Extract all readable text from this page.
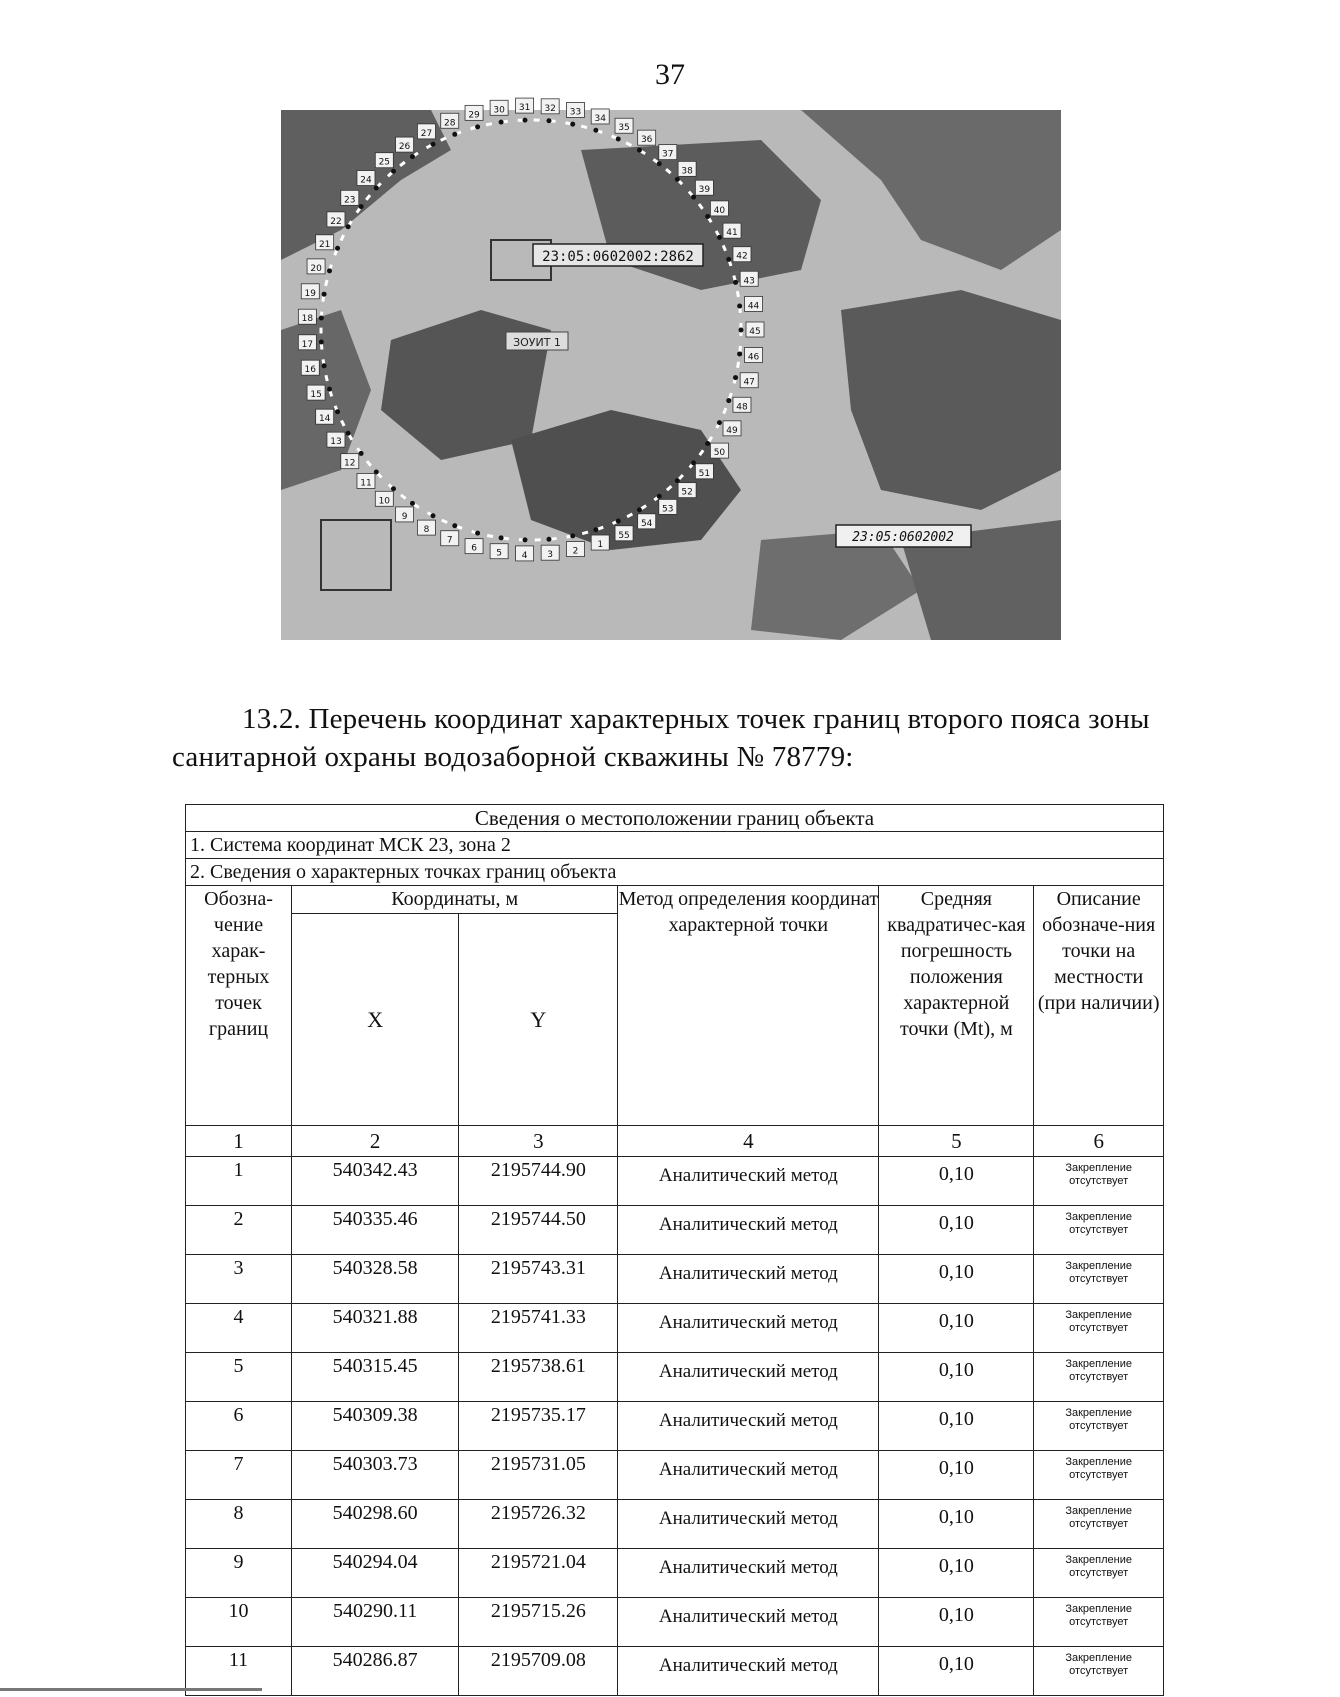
37
1
2
3
4
5
6
7
8
9
10
11
12
13
14
15
16
17
18
19
20
21
22
23
24
25
26
27
28
29
30 31 32 33
34
35
36
37
38
39
40
41
42
43
44
45
46
47
48
49
50
51
52
53
54
55
23:05:0602002:2862
ЗОУИТ 1
23:05:0602002
13.2. Перечень координат характерных точек границ второго пояса зоны
санитарной охраны водозаборной скважины № 78779:
Сведения о местоположении границ объекта					
1. Система координат МСК 23, зона 2					
2. Сведения о характерных точках границ объекта					
Обозна-чение харак-терных точек границ	Координаты, м		Метод определения координат характерной точки	Средняя квадратичес-кая погрешность положения характерной точки (Mt), м	Описание обозначе-ния точки на местности (при наличии)
	X	Y			
1	2	3	4	5	6
1	540342.43	2195744.90	Аналитический метод	0,10	Закрепление отсутствует
2	540335.46	2195744.50	Аналитический метод	0,10	Закрепление отсутствует
3	540328.58	2195743.31	Аналитический метод	0,10	Закрепление отсутствует
4	540321.88	2195741.33	Аналитический метод	0,10	Закрепление отсутствует
5	540315.45	2195738.61	Аналитический метод	0,10	Закрепление отсутствует
6	540309.38	2195735.17	Аналитический метод	0,10	Закрепление отсутствует
7	540303.73	2195731.05	Аналитический метод	0,10	Закрепление отсутствует
8	540298.60	2195726.32	Аналитический метод	0,10	Закрепление отсутствует
9	540294.04	2195721.04	Аналитический метод	0,10	Закрепление отсутствует
10	540290.11	2195715.26	Аналитический метод	0,10	Закрепление отсутствует
11	540286.87	2195709.08	Аналитический метод	0,10	Закрепление отсутствует
